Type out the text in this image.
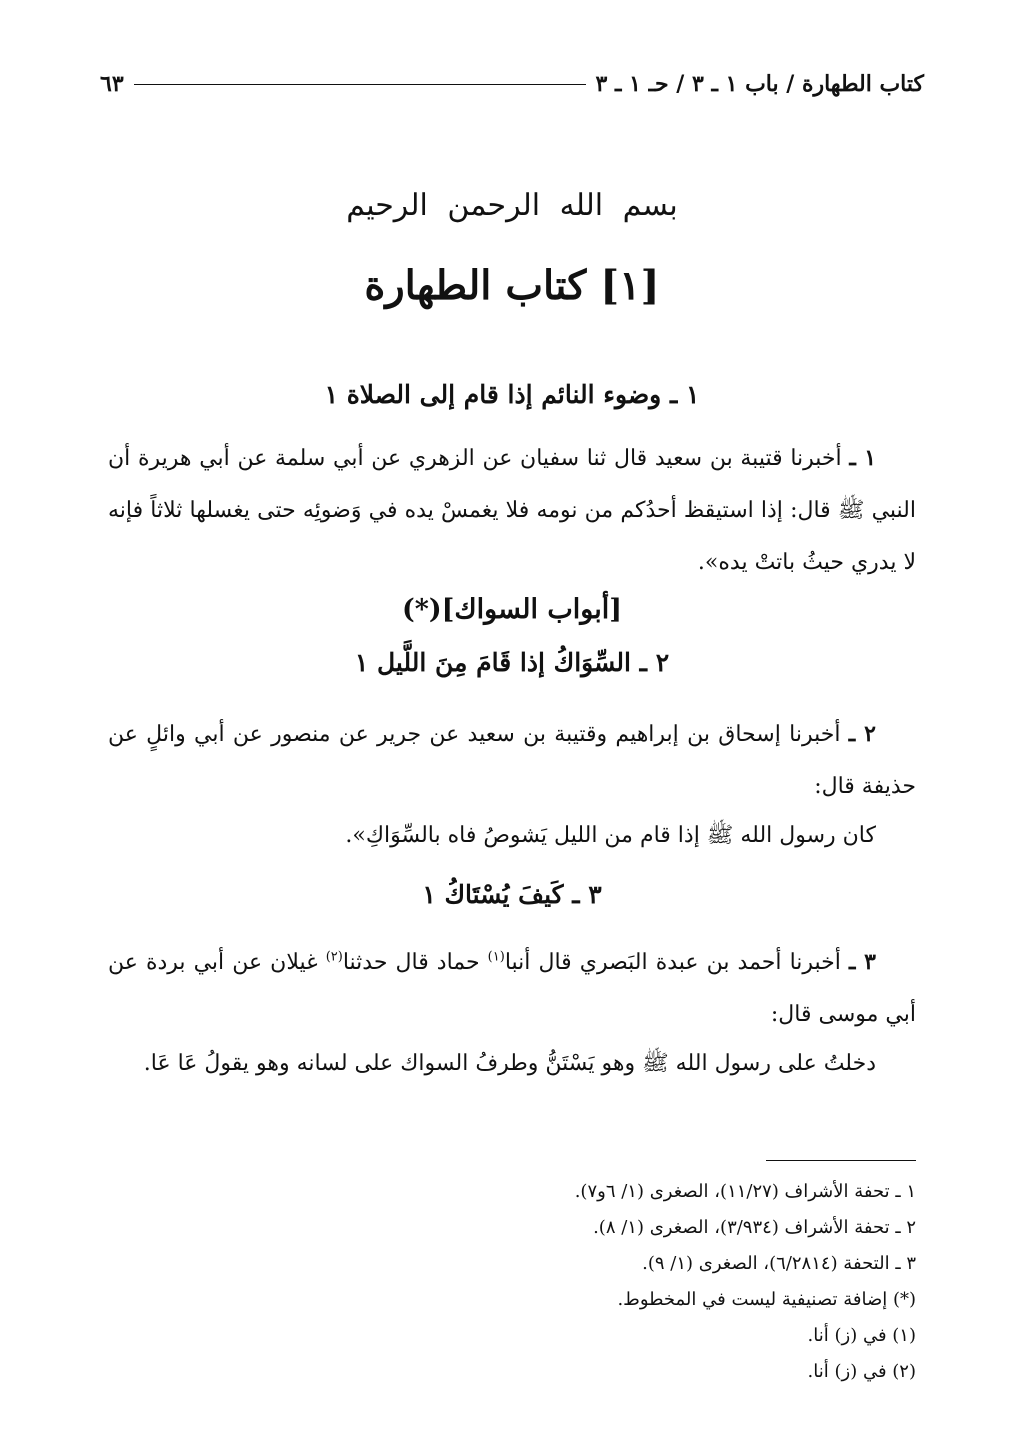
كتاب الطهارة / باب ١ ـ ٣ / حـ ١ ـ ٣
٦٣
بسم الله الرحمن الرحيم
[١] كتاب الطهارة
١ ـ وضوء النائم إذا قام إلى الصلاة ١
١ ـ أخبرنا قتيبة بن سعيد قال ثنا سفيان عن الزهري عن أبي سلمة عن أبي هريرة أن النبي ﷺ قال: إذا استيقظ أحدُكم من نومه فلا يغمسْ يده في وَضوئِه حتى يغسلها ثلاثاً فإنه لا يدري حيثُ باتتْ يده».
[أبواب السواك](*)
٢ ـ السِّوَاكُ إذا قَامَ مِنَ اللَّيل ١
٢ ـ أخبرنا إسحاق بن إبراهيم وقتيبة بن سعيد عن جرير عن منصور عن أبي وائلٍ عن حذيفة قال:
كان رسول الله ﷺ إذا قام من الليل يَشوصُ فاه بالسِّوَاكِ».
٣ ـ كَيفَ يُسْتَاكُ ١
٣ ـ أخبرنا أحمد بن عبدة البَصري قال أنبا$^{(١)}$ حماد قال حدثنا$^{(٢)}$ غيلان عن أبي بردة عن أبي موسى قال:
دخلتُ على رسول الله ﷺ وهو يَسْتَنُّ وطرفُ السواك على لسانه وهو يقولُ عَا عَا.
١ ـ تحفة الأشراف (١١/٢٧)، الصغرى (١/ ٦و٧).
٢ ـ تحفة الأشراف (٣/٩٣٤)، الصغرى (١/ ٨).
٣ ـ التحفة (٦/٢٨١٤)، الصغرى (١/ ٩).
(*) إضافة تصنيفية ليست في المخطوط.
(١) في (ز) أنا.
(٢) في (ز) أنا.
